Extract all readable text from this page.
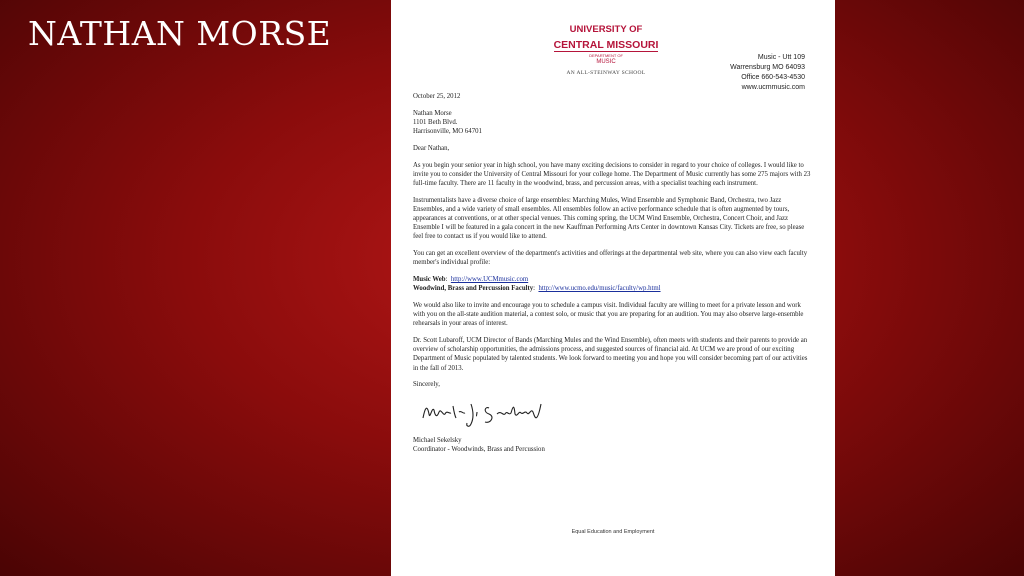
NATHAN MORSE	UNIVERSITY OF
CENTRAL MISSOURI
DEPARTMENT OF
MUSIC
AN ALL-STEINWAY SCHOOL
Music - Utt 109
Warrensburg MO 64093
Office 660-543-4530
www.ucmmusic.com

October 25, 2012

Nathan Morse
1101 Beth Blvd.
Harrisonville, MO 64701

Dear Nathan,

As you begin your senior year in high school, you have many exciting decisions to consider in regard to your choice of colleges. I would like to invite you to consider the University of Central Missouri for your college home. The Department of Music currently has some 275 majors with 23 full-time faculty. There are 11 faculty in the woodwind, brass, and percussion areas, with a specialist teaching each instrument.

Instrumentalists have a diverse choice of large ensembles: Marching Mules, Wind Ensemble and Symphonic Band, Orchestra, two Jazz Ensembles, and a wide variety of small ensembles. All ensembles follow an active performance schedule that is often augmented by tours, appearances at conventions, or at other special venues. This coming spring, the UCM Wind Ensemble, Orchestra, Concert Choir, and Jazz Ensemble I will be featured in a gala concert in the new Kauffman Performing Arts Center in downtown Kansas City. Tickets are free, so please feel free to contact us if you would like to attend.

You can get an excellent overview of the department's activities and offerings at the departmental web site, where you can also view each faculty member's individual profile:

Music Web:  http://www.UCMmusic.com
Woodwind, Brass and Percussion Faculty:  http://www.ucmo.edu/music/faculty/wp.html

We would also like to invite and encourage you to schedule a campus visit. Individual faculty are willing to meet for a private lesson and work with you on the all-state audition material, a contest solo, or music that you are preparing for an audition. You may also observe large-ensemble rehearsals in your areas of interest.

Dr. Scott Lubaroff, UCM Director of Bands (Marching Mules and the Wind Ensemble), often meets with students and their parents to provide an overview of scholarship opportunities, the admissions process, and suggested sources of financial aid. At UCM we are proud of our exciting Department of Music populated by talented students. We look forward to meeting you and hope you will consider becoming part of our activities in the fall of 2013.

Sincerely,

Michael Sekelsky
Coordinator - Woodwinds, Brass and Percussion
Equal Education and Employment
